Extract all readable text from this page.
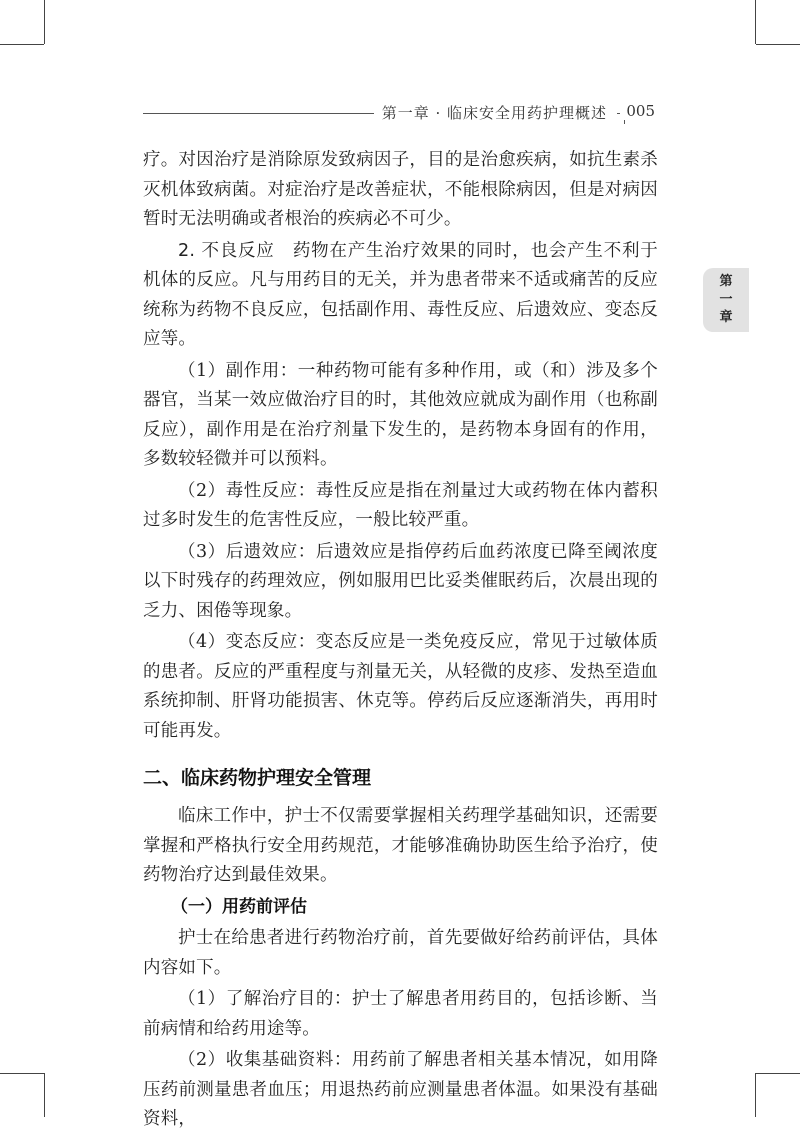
第一章 · 临床安全用药护理概述	005
第
一
章

疗。对因治疗是消除原发致病因子，目的是治愈疾病，如抗生素杀灭机体致病菌。对症治疗是改善症状，不能根除病因，但是对病因暂时无法明确或者根治的疾病必不可少。

2. 不良反应　药物在产生治疗效果的同时，也会产生不利于机体的反应。凡与用药目的无关，并为患者带来不适或痛苦的反应统称为药物不良反应，包括副作用、毒性反应、后遗效应、变态反应等。

（1）副作用：一种药物可能有多种作用，或（和）涉及多个器官，当某一效应做治疗目的时，其他效应就成为副作用（也称副反应），副作用是在治疗剂量下发生的，是药物本身固有的作用，多数较轻微并可以预料。

（2）毒性反应：毒性反应是指在剂量过大或药物在体内蓄积过多时发生的危害性反应，一般比较严重。

（3）后遗效应：后遗效应是指停药后血药浓度已降至阈浓度以下时残存的药理效应，例如服用巴比妥类催眠药后，次晨出现的乏力、困倦等现象。

（4）变态反应：变态反应是一类免疫反应，常见于过敏体质的患者。反应的严重程度与剂量无关，从轻微的皮疹、发热至造血系统抑制、肝肾功能损害、休克等。停药后反应逐渐消失，再用时可能再发。

二、临床药物护理安全管理

临床工作中，护士不仅需要掌握相关药理学基础知识，还需要掌握和严格执行安全用药规范，才能够准确协助医生给予治疗，使药物治疗达到最佳效果。

（一）用药前评估

护士在给患者进行药物治疗前，首先要做好给药前评估，具体内容如下。

（1）了解治疗目的：护士了解患者用药目的，包括诊断、当前病情和给药用途等。

（2）收集基础资料：用药前了解患者相关基本情况，如用降压药前测量患者血压；用退热药前应测量患者体温。如果没有基础资料，
